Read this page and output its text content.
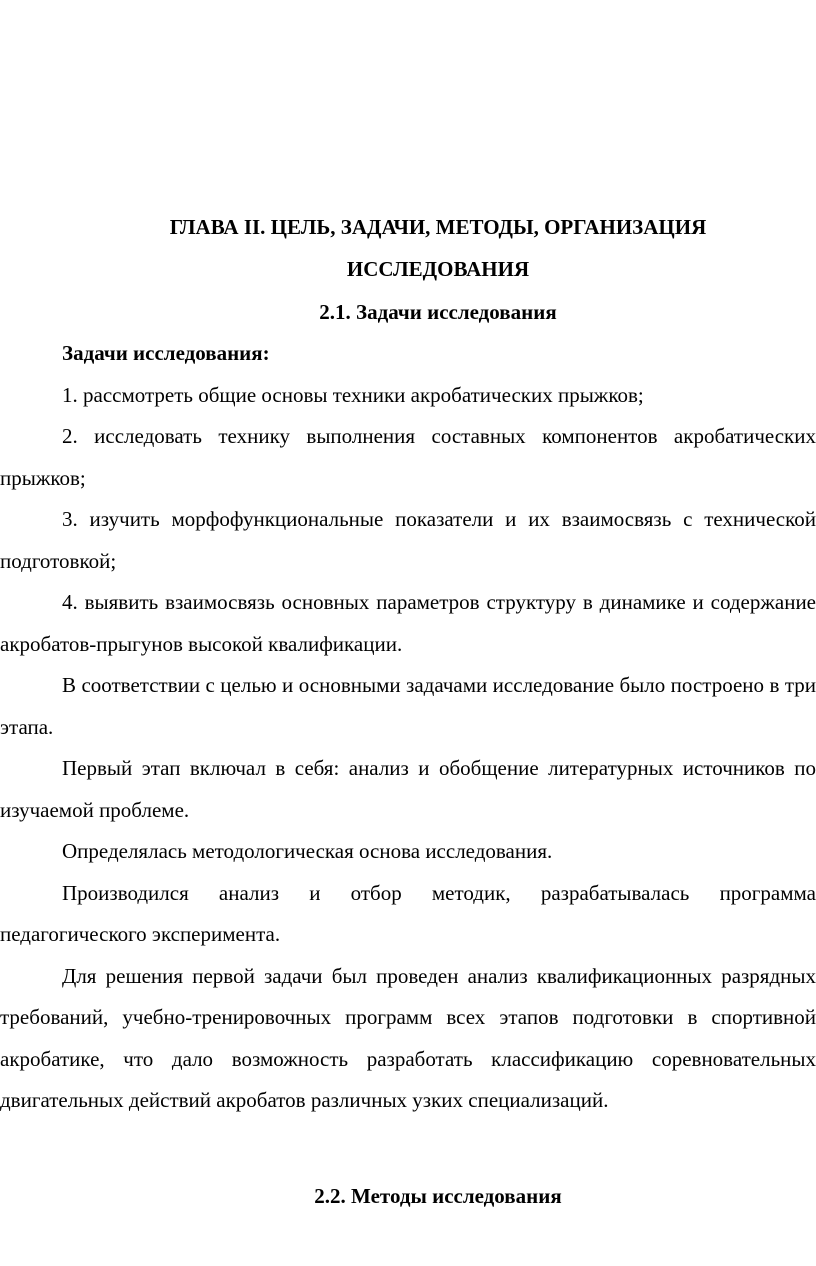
ГЛАВА II. ЦЕЛЬ, ЗАДАЧИ, МЕТОДЫ, ОРГАНИЗАЦИЯ
ИССЛЕДОВАНИЯ
2.1. Задачи исследования

Задачи исследования:

1. рассмотреть общие основы техники акробатических прыжков;

2. исследовать технику выполнения составных компонентов акробатических прыжков;

3. изучить морфофункциональные показатели и их взаимосвязь с технической подготовкой;

4. выявить взаимосвязь основных параметров структуру в динамике и содержание акробатов-прыгунов высокой квалификации.

В соответствии с целью и основными задачами исследование было построено в три этапа.

Первый этап включал в себя: анализ и обобщение литературных источников по изучаемой проблеме.

Определялась методологическая основа исследования.

Производился анализ и отбор методик, разрабатывалась программа педагогического эксперимента.

Для решения первой задачи был проведен анализ квалификационных разрядных требований, учебно-тренировочных программ всех этапов подготовки в спортивной акробатике, что дало возможность разработать классификацию соревновательных двигательных действий акробатов различных узких специализаций.

2.2. Методы исследования
